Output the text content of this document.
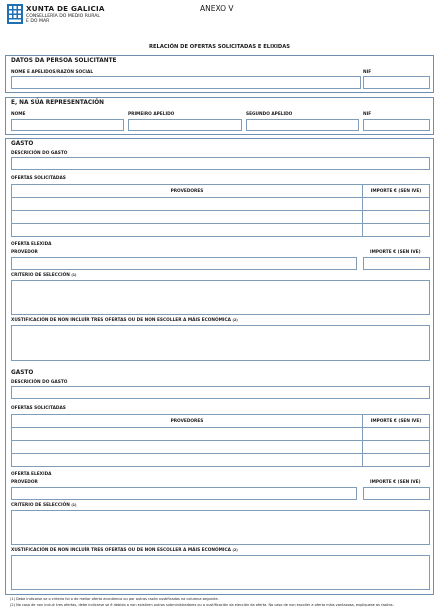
XUNTA DE GALICIA
CONSELLERÍA DO MEDIO RURAL
E DO MAR
ANEXO V
RELACIÓN DE OFERTAS SOLICITADAS E ELIXIDAS
DATOS DA PERSOA SOLICITANTE
NOME E APELIDOS/RAZÓN SOCIAL	NIF
E, NA SÚA REPRESENTACIÓN
NOME	PRIMEIRO APELIDO	SEGUNDO APELIDO	NIF
GASTO
DESCRICIÓN DO GASTO
OFERTAS SOLICITADAS
PROVEDORES	IMPORTE € (SEN IVE)

OFERTA ELEXIDA
PROVEDOR	IMPORTE € (SEN IVE)
CRITERIO DE SELECCIÓN $^{(1)}$
XUSTIFICACIÓN DE NON INCLUÍR TRES OFERTAS OU DE NON ESCOLLER A MÁIS ECONÓMICA $^{(2)}$
GASTO
DESCRICIÓN DO GASTO
OFERTAS SOLICITADAS
PROVEDORES	IMPORTE € (SEN IVE)

OFERTA ELEXIDA
PROVEDOR	IMPORTE € (SEN IVE)
CRITERIO DE SELECCIÓN $^{(1)}$
XUSTIFICACIÓN DE NON INCLUÍR TRES OFERTAS OU DE NON ESCOLLER A MÁIS ECONÓMICA $^{(2)}$
(1) Debe indicarse se o criterio foi o de mellor oferta económica ou por outras razón xustificadas na columna seguinte.
(2) No caso de non incluír tres ofertas, debe indicarse se é debido a non existiren outros subministradores ou a xustificación da elección da oferta. No caso de non escoller a oferta máis vantaxosa, explíquese as razóns.
